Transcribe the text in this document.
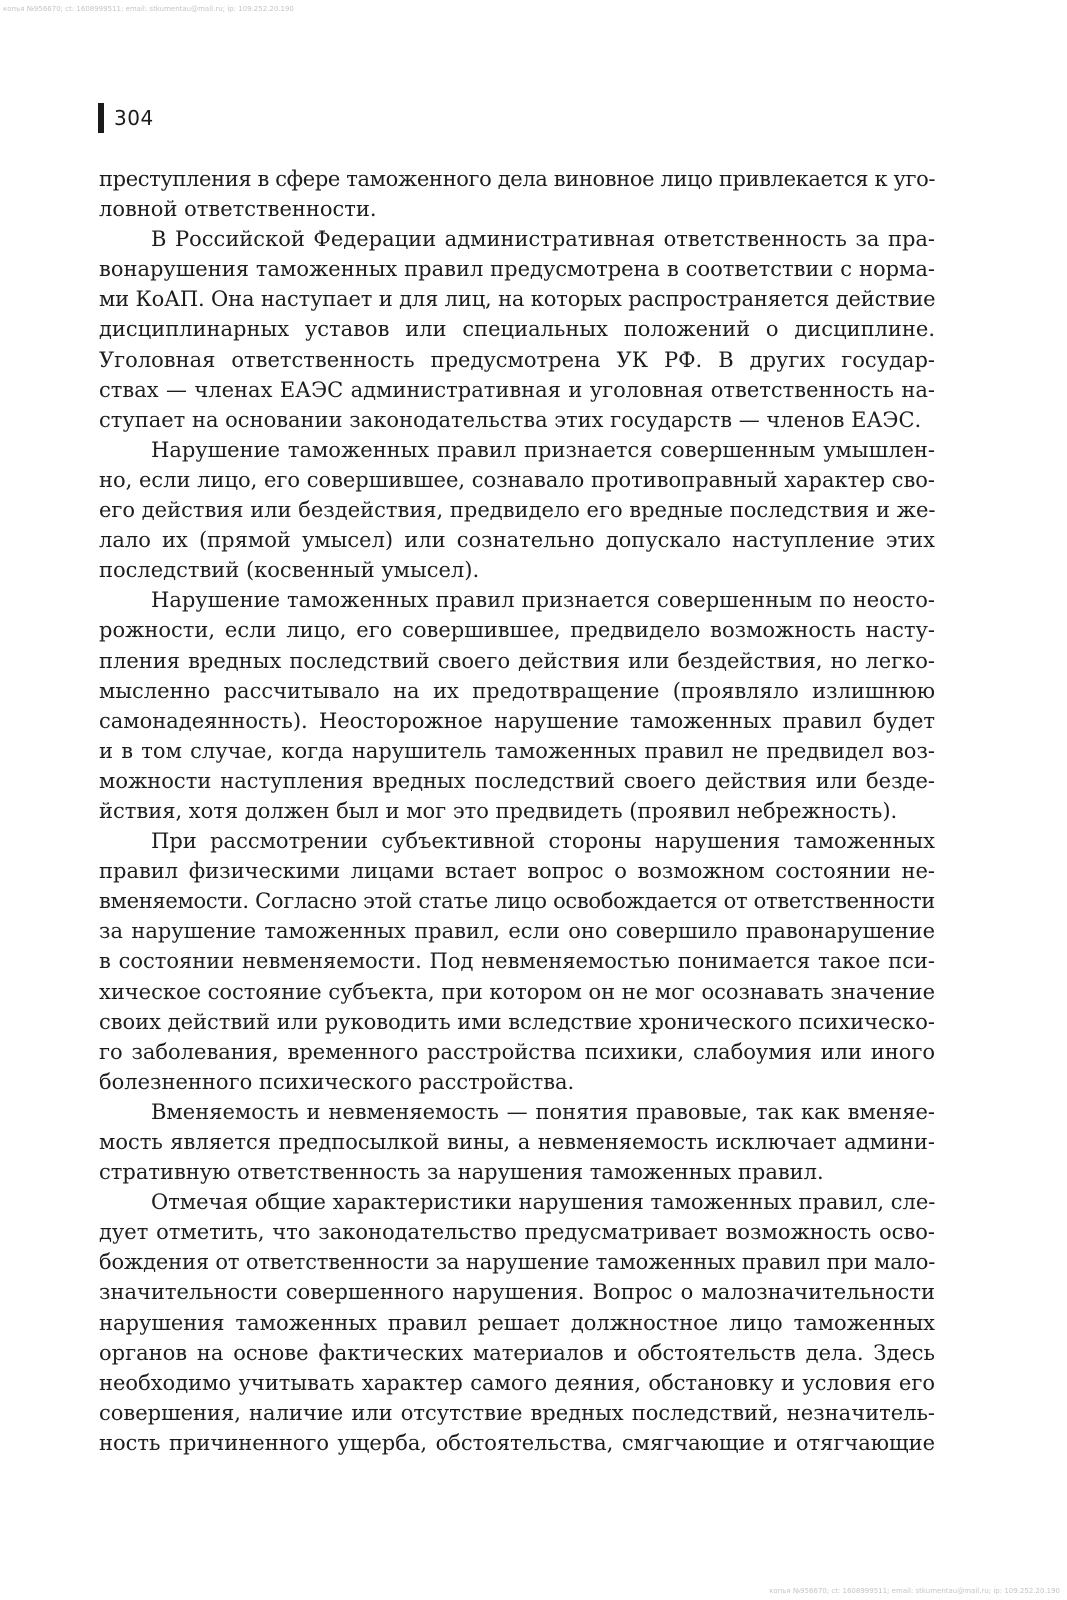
копья №956670; ct: 1608999511; email: stkumentau@mail.ru; ip: 109.252.20.190
304
преступления в сфере таможенного дела виновное лицо привлекается к уго-
ловной ответственности.
В Российской Федерации административная ответственность за пра-
вонарушения таможенных правил предусмотрена в соответствии с норма-
ми КоАП. Она наступает и для лиц, на которых распространяется действие
дисциплинарных уставов или специальных положений о дисциплине.
Уголовная ответственность предусмотрена УК РФ. В других государ-
ствах — членах ЕАЭС административная и уголовная ответственность на-
ступает на основании законодательства этих государств — членов ЕАЭС.
Нарушение таможенных правил признается совершенным умышлен-
но, если лицо, его совершившее, сознавало противоправный характер сво-
его действия или бездействия, предвидело его вредные последствия и же-
лало их (прямой умысел) или сознательно допускало наступление этих
последствий (косвенный умысел).
Нарушение таможенных правил признается совершенным по неосто-
рожности, если лицо, его совершившее, предвидело возможность насту-
пления вредных последствий своего действия или бездействия, но легко-
мысленно рассчитывало на их предотвращение (проявляло излишнюю
самонадеянность). Неосторожное нарушение таможенных правил будет
и в том случае, когда нарушитель таможенных правил не предвидел воз-
можности наступления вредных последствий своего действия или безде-
йствия, хотя должен был и мог это предвидеть (проявил небрежность).
При рассмотрении субъективной стороны нарушения таможенных
правил физическими лицами встает вопрос о возможном состоянии не-
вменяемости. Согласно этой статье лицо освобождается от ответственности
за нарушение таможенных правил, если оно совершило правонарушение
в состоянии невменяемости. Под невменяемостью понимается такое пси-
хическое состояние субъекта, при котором он не мог осознавать значение
своих действий или руководить ими вследствие хронического психическо-
го заболевания, временного расстройства психики, слабоумия или иного
болезненного психического расстройства.
Вменяемость и невменяемость — понятия правовые, так как вменяе-
мость является предпосылкой вины, а невменяемость исключает админи-
стративную ответственность за нарушения таможенных правил.
Отмечая общие характеристики нарушения таможенных правил, сле-
дует отметить, что законодательство предусматривает возможность осво-
бождения от ответственности за нарушение таможенных правил при мало-
значительности совершенного нарушения. Вопрос о малозначительности
нарушения таможенных правил решает должностное лицо таможенных
органов на основе фактических материалов и обстоятельств дела. Здесь
необходимо учитывать характер самого деяния, обстановку и условия его
совершения, наличие или отсутствие вредных последствий, незначитель-
ность причиненного ущерба, обстоятельства, смягчающие и отягчающие
копья №956670; ct: 1608999511; email: stkumentau@mail.ru; ip: 109.252.20.190
